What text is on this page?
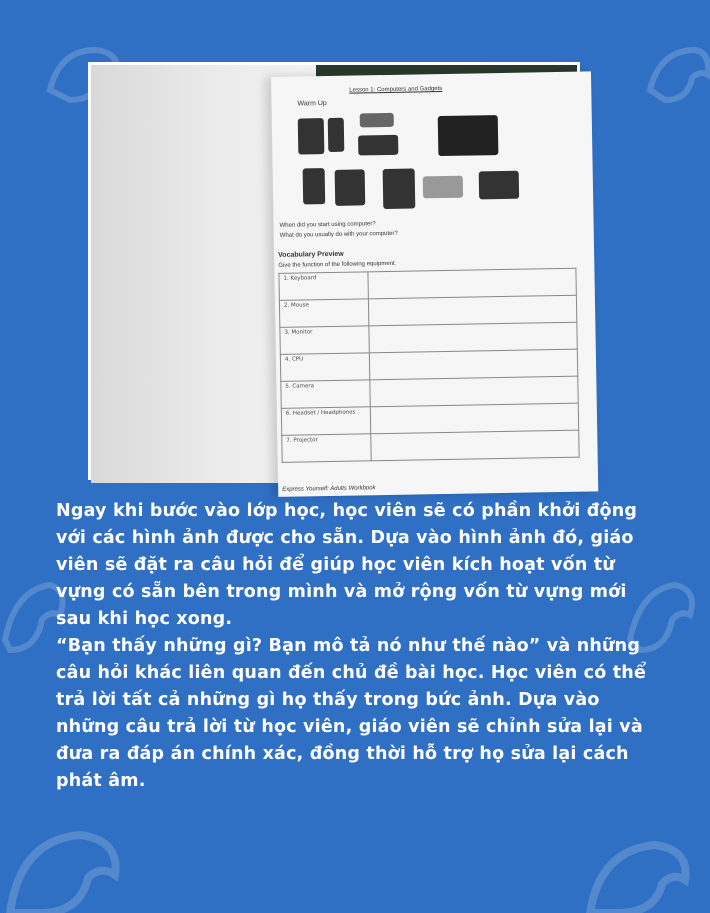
Lesson 1: Computers and Gadgets
Warm Up
When did you start using computer?
What do you usually do with your computer?
Vocabulary Preview
Give the function of the following equipment.
1. Keyboard	
2. Mouse	
3. Monitor	
4. CPU	
5. Camera	
6. Headset / Headphones	
7. Projector	
Express Yourself: Adults Workbook

Ngay khi bước vào lớp học, học viên sẽ có phần khởi động với các hình ảnh được cho sẵn. Dựa vào hình ảnh đó, giáo viên sẽ đặt ra câu hỏi để giúp học viên kích hoạt vốn từ vựng có sẵn bên trong mình và mở rộng vốn từ vựng mới sau khi học xong.

“Bạn thấy những gì? Bạn mô tả nó như thế nào” và những câu hỏi khác liên quan đến chủ đề bài học. Học viên có thể trả lời tất cả những gì họ thấy trong bức ảnh. Dựa vào những câu trả lời từ học viên, giáo viên sẽ chỉnh sửa lại và đưa ra đáp án chính xác, đồng thời hỗ trợ họ sửa lại cách phát âm.
